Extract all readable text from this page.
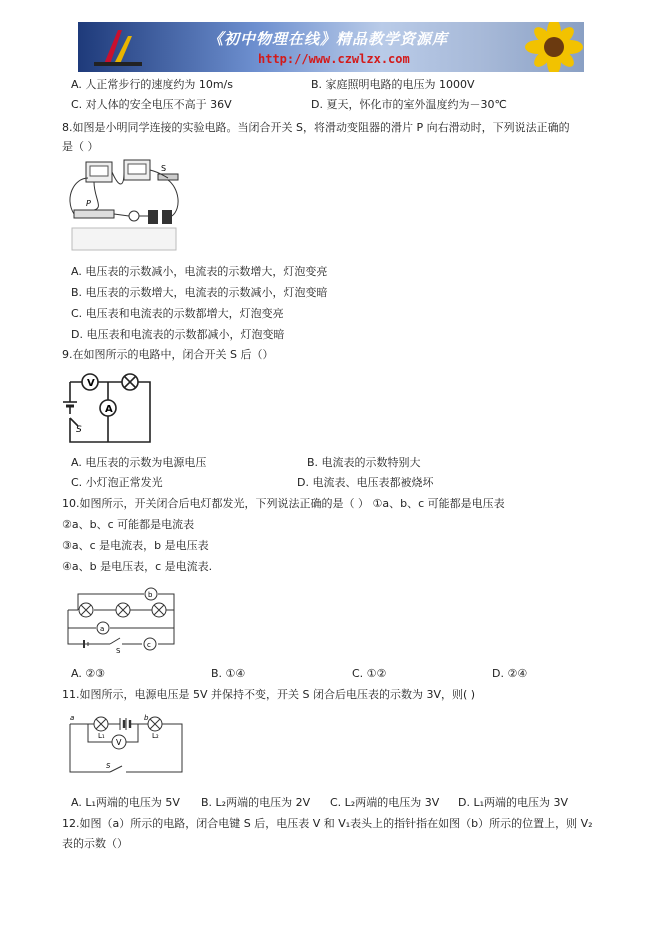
《初中物理在线》精品教学资源库
http://www.czwlzx.com
A. 人正常步行的速度约为 10m/s	B. 家庭照明电路的电压为 1000V
C. 对人体的安全电压不高于 36V	D. 夏天，怀化市的室外温度约为－30℃
8.如图是小明同学连接的实验电路。当闭合开关 S，将滑动变阻器的滑片 P 向右滑动时，下列说法正确的
是（ ）
S
P
A. 电压表的示数减小，电流表的示数增大，灯泡变亮
B. 电压表的示数增大，电流表的示数减小，灯泡变暗
C. 电压表和电流表的示数都增大，灯泡变亮
D. 电压表和电流表的示数都减小，灯泡变暗
9.在如图所示的电路中，闭合开关 S 后（）
V
A
S
A. 电压表的示数为电源电压	B. 电流表的示数特别大
C. 小灯泡正常发光	D. 电流表、电压表都被烧坏
10.如图所示，开关闭合后电灯都发光，下列说法正确的是（ ） ①a、b、c 可能都是电压表
②a、b、c 可能都是电流表
③a、c 是电流表，b 是电压表
④a、b 是电压表，c 是电流表.
b
a
c
S
A. ②③	B. ①④	C. ①②	D. ②④
11.如图所示，电源电压是 5V 并保持不变，开关 S 闭合后电压表的示数为 3V，则( )
a	b
L₁	L₂
V
S
A. L₁两端的电压为 5V B. L₂两端的电压为 2V C. L₂两端的电压为 3V D. L₁两端的电压为 3V
12.如图（a）所示的电路，闭合电键 S 后，电压表 V 和 V₁表头上的指针指在如图（b）所示的位置上，则 V₂
表的示数（）
